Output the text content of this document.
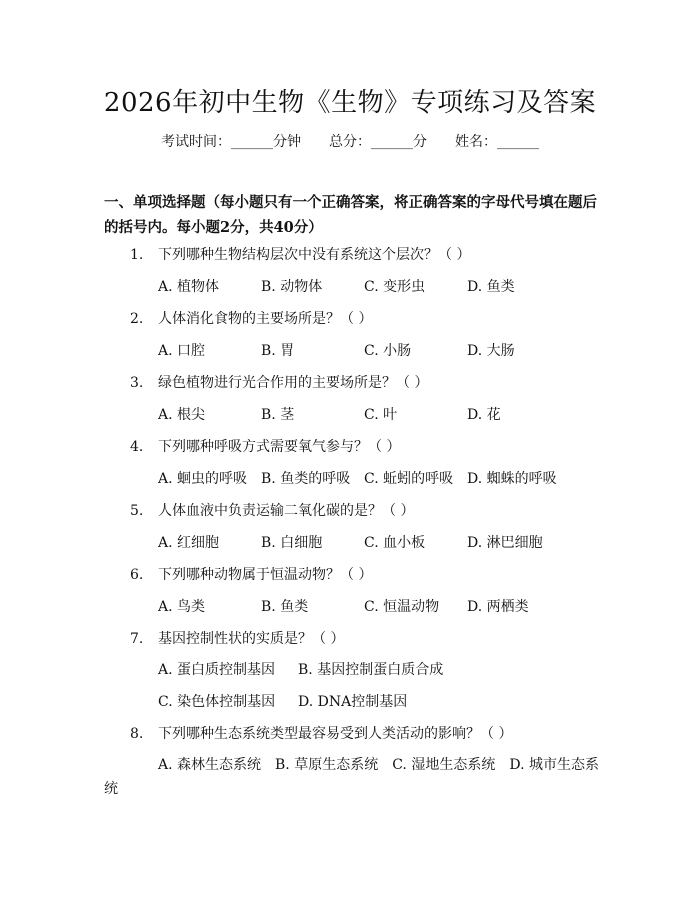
2026年初中生物《生物》专项练习及答案
考试时间：______分钟 总分：______分 姓名：______
一、单项选择题（每小题只有一个正确答案，将正确答案的字母代号填在题后的括号内。每小题2分，共40分）
1. 下列哪种生物结构层次中没有系统这个层次？（ ）
A. 植物体	B. 动物体	C. 变形虫	D. 鱼类
2. 人体消化食物的主要场所是？（ ）
A. 口腔	B. 胃	C. 小肠	D. 大肠
3. 绿色植物进行光合作用的主要场所是？（ ）
A. 根尖	B. 茎	C. 叶	D. 花
4. 下列哪种呼吸方式需要氧气参与？（ ）
A. 蛔虫的呼吸 B. 鱼类的呼吸 C. 蚯蚓的呼吸 D. 蜘蛛的呼吸
5. 人体血液中负责运输二氧化碳的是？（ ）
A. 红细胞	B. 白细胞	C. 血小板	D. 淋巴细胞
6. 下列哪种动物属于恒温动物？（ ）
A. 鸟类	B. 鱼类	C. 恒温动物 D. 两栖类
7. 基因控制性状的实质是？（ ）
A. 蛋白质控制基因 B. 基因控制蛋白质合成
C. 染色体控制基因 D. DNA控制基因
8. 下列哪种生态系统类型最容易受到人类活动的影响？（ ）
A. 森林生态系统 B. 草原生态系统 C. 湿地生态系统 D. 城市生态系
统
